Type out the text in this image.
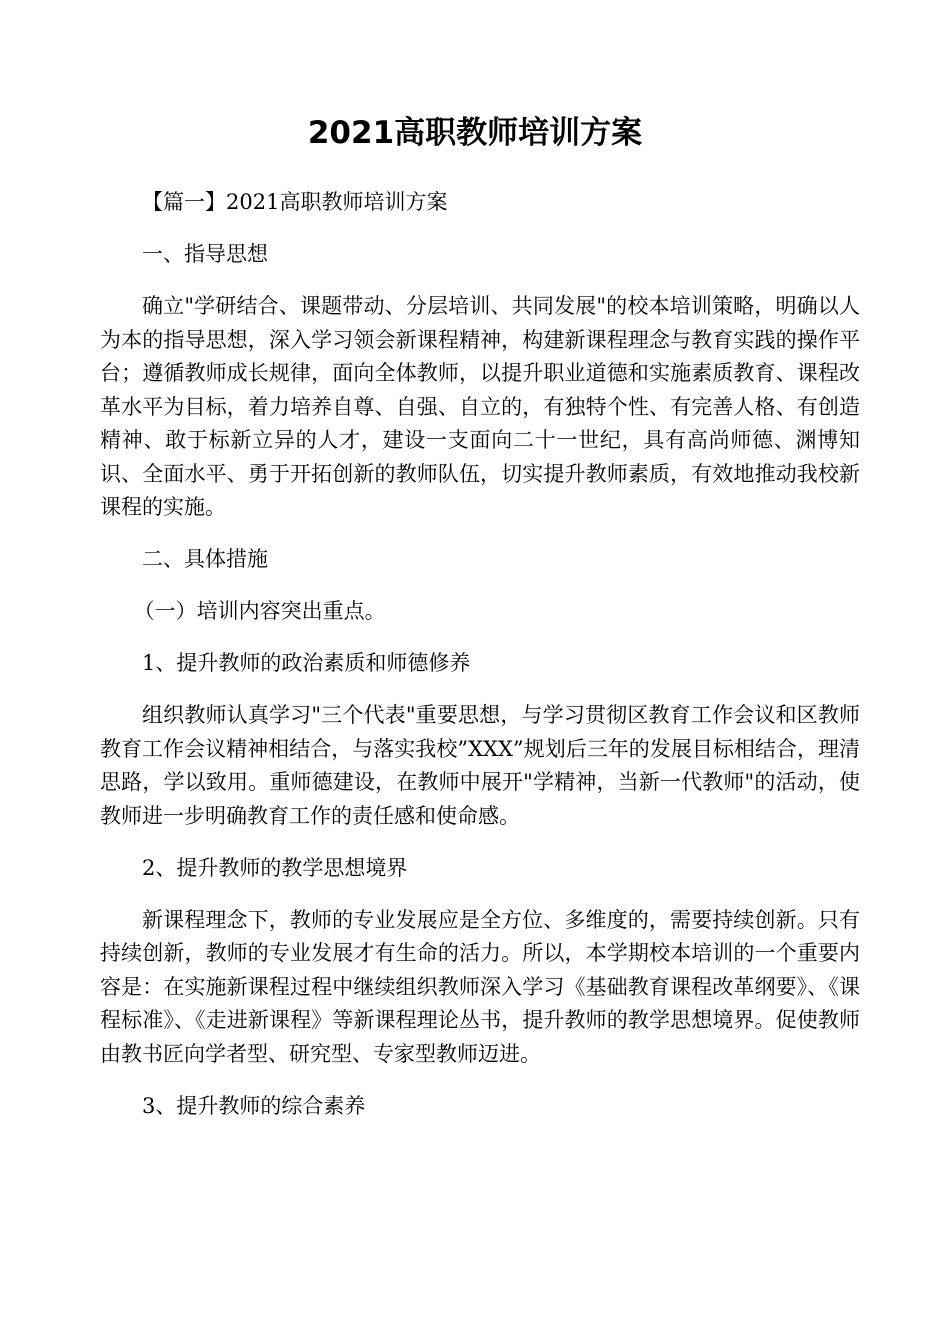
2021高职教师培训方案

【篇一】2021高职教师培训方案

一、指导思想

确立"学研结合、课题带动、分层培训、共同发展"的校本培训策略，明确以人为本的指导思想，深入学习领会新课程精神，构建新课程理念与教育实践的操作平台；遵循教师成长规律，面向全体教师，以提升职业道德和实施素质教育、课程改革水平为目标，着力培养自尊、自强、自立的，有独特个性、有完善人格、有创造精神、敢于标新立异的人才，建设一支面向二十一世纪，具有高尚师德、渊博知识、全面水平、勇于开拓创新的教师队伍，切实提升教师素质，有效地推动我校新课程的实施。

二、具体措施

（一）培训内容突出重点。

1、提升教师的政治素质和师德修养

组织教师认真学习"三个代表"重要思想，与学习贯彻区教育工作会议和区教师教育工作会议精神相结合，与落实我校”XXX”规划后三年的发展目标相结合，理清思路，学以致用。重师德建设，在教师中展开"学精神，当新一代教师"的活动，使教师进一步明确教育工作的责任感和使命感。

2、提升教师的教学思想境界

新课程理念下，教师的专业发展应是全方位、多维度的，需要持续创新。只有持续创新，教师的专业发展才有生命的活力。所以，本学期校本培训的一个重要内容是：在实施新课程过程中继续组织教师深入学习《基础教育课程改革纲要》、《课程标准》、《走进新课程》等新课程理论丛书，提升教师的教学思想境界。促使教师由教书匠向学者型、研究型、专家型教师迈进。

3、提升教师的综合素养
